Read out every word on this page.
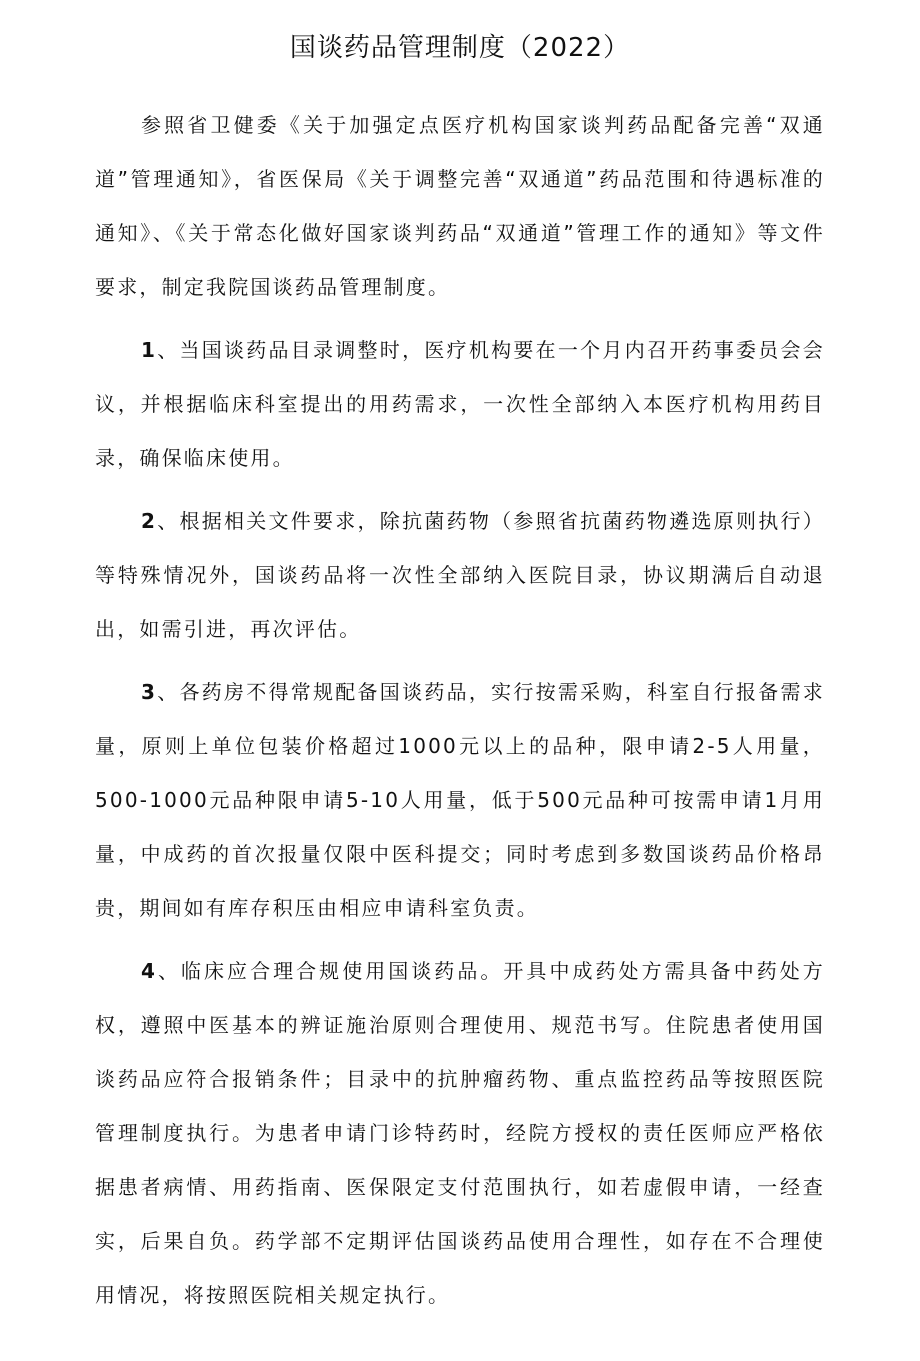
国谈药品管理制度（2022）

参照省卫健委《关于加强定点医疗机构国家谈判药品配备完善“双通道”管理通知》，省医保局《关于调整完善“双通道”药品范围和待遇标准的通知》、《关于常态化做好国家谈判药品“双通道”管理工作的通知》等文件要求，制定我院国谈药品管理制度。

1、当国谈药品目录调整时，医疗机构要在一个月内召开药事委员会会议，并根据临床科室提出的用药需求，一次性全部纳入本医疗机构用药目录，确保临床使用。

2、根据相关文件要求，除抗菌药物（参照省抗菌药物遴选原则执行）等特殊情况外，国谈药品将一次性全部纳入医院目录，协议期满后自动退出，如需引进，再次评估。

3、各药房不得常规配备国谈药品，实行按需采购，科室自行报备需求量，原则上单位包装价格超过1000元以上的品种，限申请2-5人用量，500-1000元品种限申请5-10人用量，低于500元品种可按需申请1月用量，中成药的首次报量仅限中医科提交；同时考虑到多数国谈药品价格昂贵，期间如有库存积压由相应申请科室负责。

4、临床应合理合规使用国谈药品。开具中成药处方需具备中药处方权，遵照中医基本的辨证施治原则合理使用、规范书写。住院患者使用国谈药品应符合报销条件；目录中的抗肿瘤药物、重点监控药品等按照医院管理制度执行。为患者申请门诊特药时，经院方授权的责任医师应严格依据患者病情、用药指南、医保限定支付范围执行，如若虚假申请，一经查实，后果自负。药学部不定期评估国谈药品使用合理性，如存在不合理使用情况，将按照医院相关规定执行。
